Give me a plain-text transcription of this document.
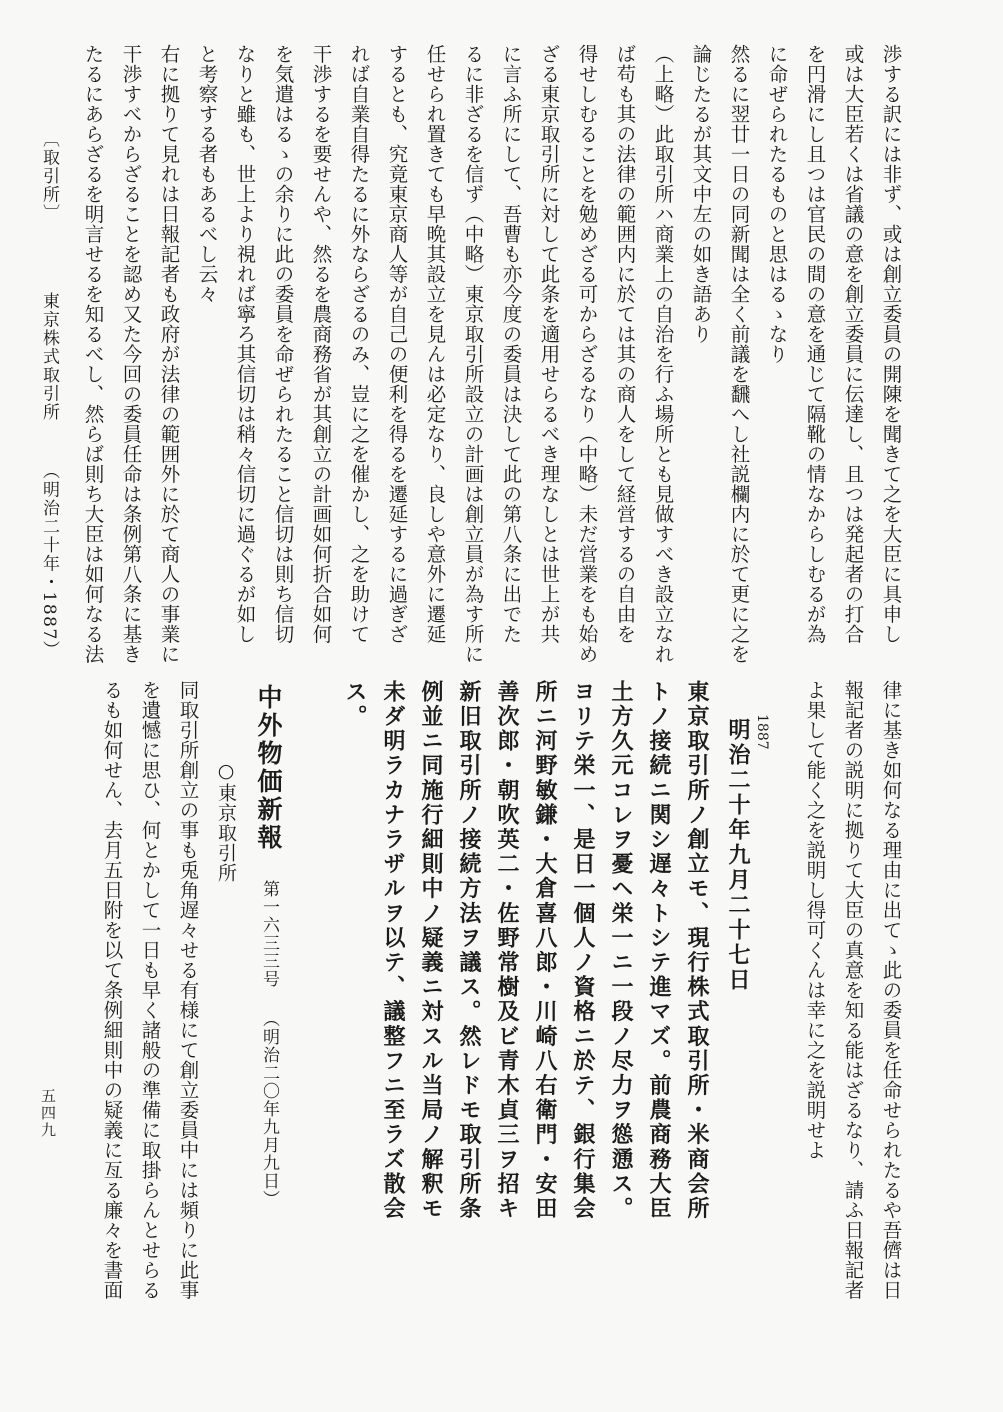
渉する訳には非ず、或は創立委員の開陳を聞きて之を大臣に具申し
或は大臣若くは省議の意を創立委員に伝達し、且つは発起者の打合
を円滑にし且つは官民の間の意を通じて隔靴の情なからしむるが為
に命ぜられたるものと思はるゝなり
然るに翌廿一日の同新聞は全く前議を飜へし社説欄内に於て更に之を
論じたるが其文中左の如き語あり
（上略）此取引所ハ商業上の自治を行ふ場所とも見做すべき設立なれ
ば苟も其の法律の範囲内に於ては其の商人をして経営するの自由を
得せしむることを勉めざる可からざるなり（中略）未だ営業をも始め
ざる東京取引所に対して此条を適用せらるべき理なしとは世上が共
に言ふ所にして、吾曹も亦今度の委員は決して此の第八条に出でた
るに非ざるを信ず（中略）東京取引所設立の計画は創立員が為す所に
任せられ置きても早晩其設立を見んは必定なり、良しや意外に遷延
するとも、究竟東京商人等が自己の便利を得るを遷延するに過ぎざ
れば自業自得たるに外ならざるのみ、豈に之を催かし、之を助けて
干渉するを要せんや、然るを農商務省が其創立の計画如何折合如何
を気遣はるゝの余りに此の委員を命ぜられたること信切は則ち信切
なりと雖も、世上より視れば寧ろ其信切は稍々信切に過ぐるが如し
と考察する者もあるべし云々
右に拠りて見れは日報記者も政府が法律の範囲外に於て商人の事業に
干渉すべからざることを認め又た今回の委員任命は条例第八条に基き
たるにあらざるを明言せるを知るべし、然らば則ち大臣は如何なる法
〔取引所〕
東京株式取引所
（明治二十年・1887）
律に基き如何なる理由に出てゝ此の委員を任命せられたるや吾儕は日
報記者の説明に拠りて大臣の真意を知る能はざるなり、請ふ日報記者
よ果して能く之を説明し得可くんは幸に之を説明せよ
1887
明治二十年九月二十七日
東京取引所ノ創立モ、現行株式取引所・米商会所
トノ接続ニ関シ遅々トシテ進マズ。前農商務大臣
土方久元コレヲ憂ヘ栄一ニ一段ノ尽力ヲ慫慂ス。
ヨリテ栄一、是日一個人ノ資格ニ於テ、銀行集会
所ニ河野敏鎌・大倉喜八郎・川崎八右衛門・安田
善次郎・朝吹英二・佐野常樹及ビ青木貞三ヲ招キ
新旧取引所ノ接続方法ヲ議ス。然レドモ取引所条
例並ニ同施行細則中ノ疑義ニ対スル当局ノ解釈モ
未ダ明ラカナラザルヲ以テ、議整フニ至ラズ散会
ス。
中外物価新報
第一六三三号
（明治二〇年九月九日）
○東京取引所
同取引所創立の事も兎角遅々せる有様にて創立委員中には頻りに此事
を遺憾に思ひ、何とかして一日も早く諸般の準備に取掛らんとせらる
るも如何せん、去月五日附を以て条例細則中の疑義に亙る廉々を書面
五四九
